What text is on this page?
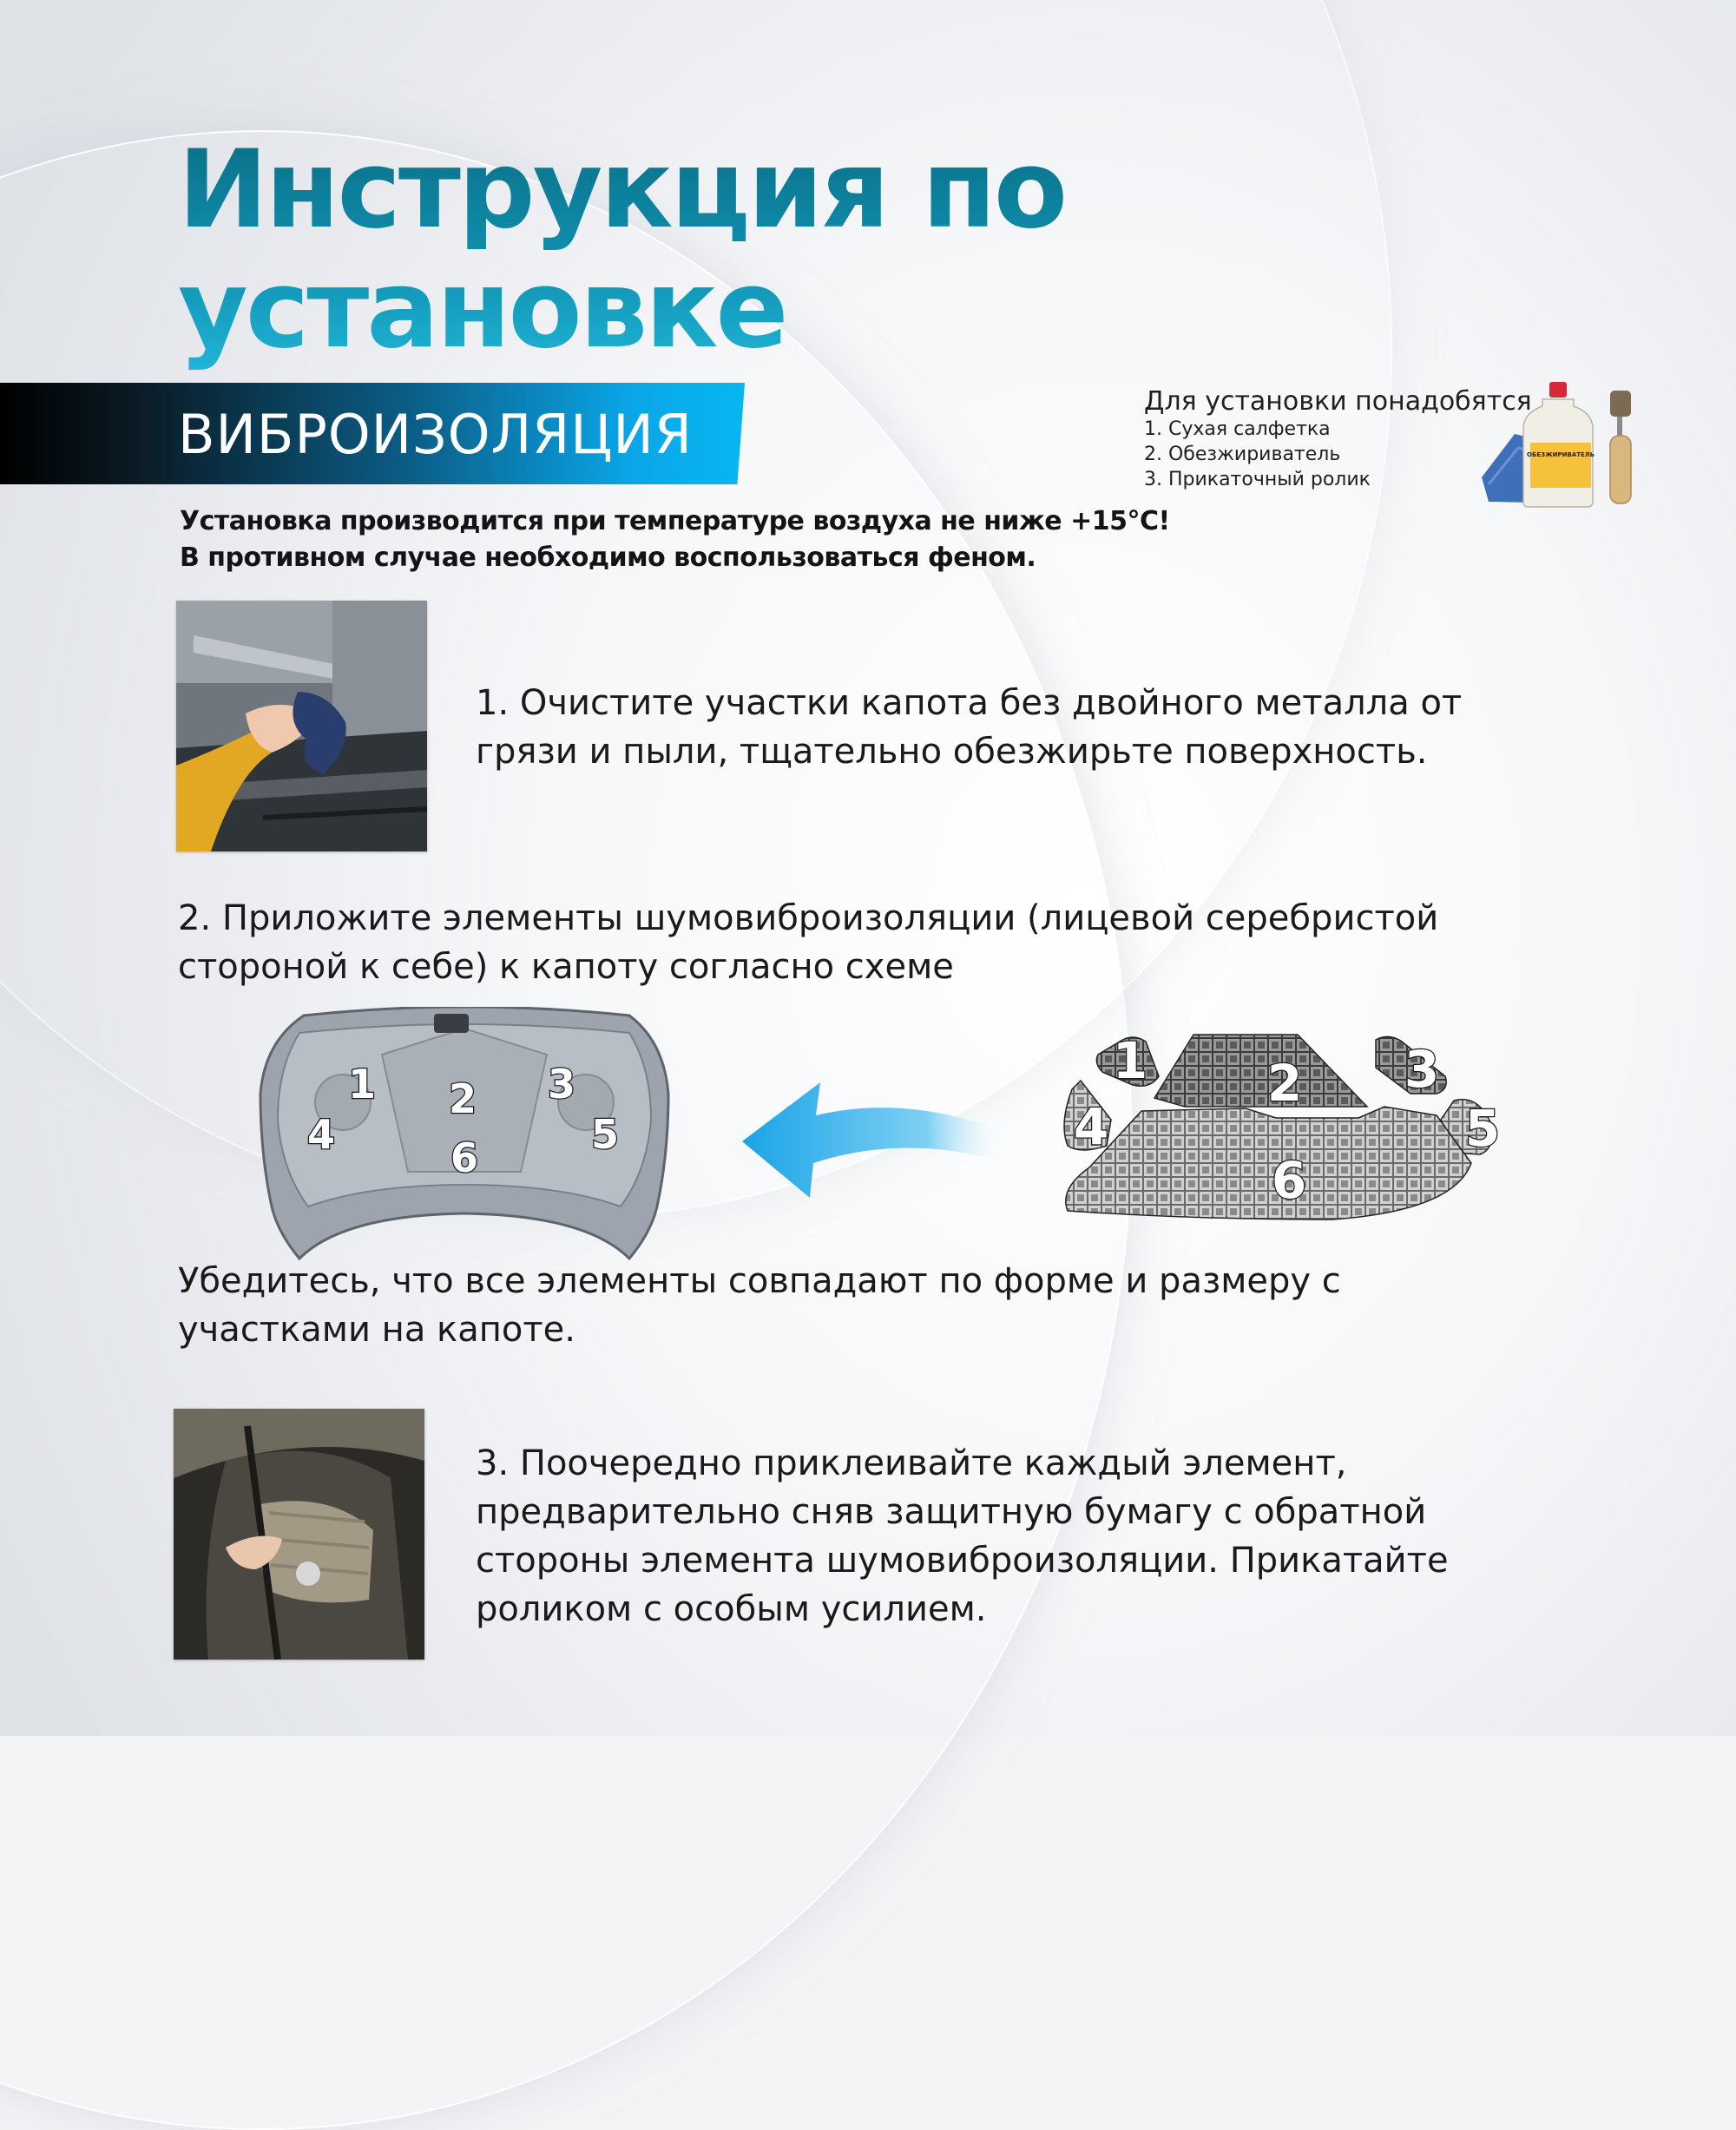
Инструкция по
установке
ВИБРОИЗОЛЯЦИЯ
Для установки понадобятся
1. Сухая салфетка
2. Обезжириватель
3. Прикаточный ролик
ОБЕЗЖИРИВАТЕЛЬ
Установка производится при температуре воздуха не ниже +15°С!
В противном случае необходимо воспользоваться феном.
1. Очистите участки капота без двойного металла от
грязи и пыли, тщательно обезжирьте поверхность.
2. Приложите элементы шумовиброизоляции (лицевой серебристой
стороной к себе) к капоту согласно схеме
1 2 3
4	5
6
1 2 3
4	5
6
Убедитесь, что все элементы совпадают по форме и размеру с
участками на капоте.
3. Поочередно приклеивайте каждый элемент,
предварительно сняв защитную бумагу с обратной
стороны элемента шумовиброизоляции. Прикатайте
роликом с особым усилием.
